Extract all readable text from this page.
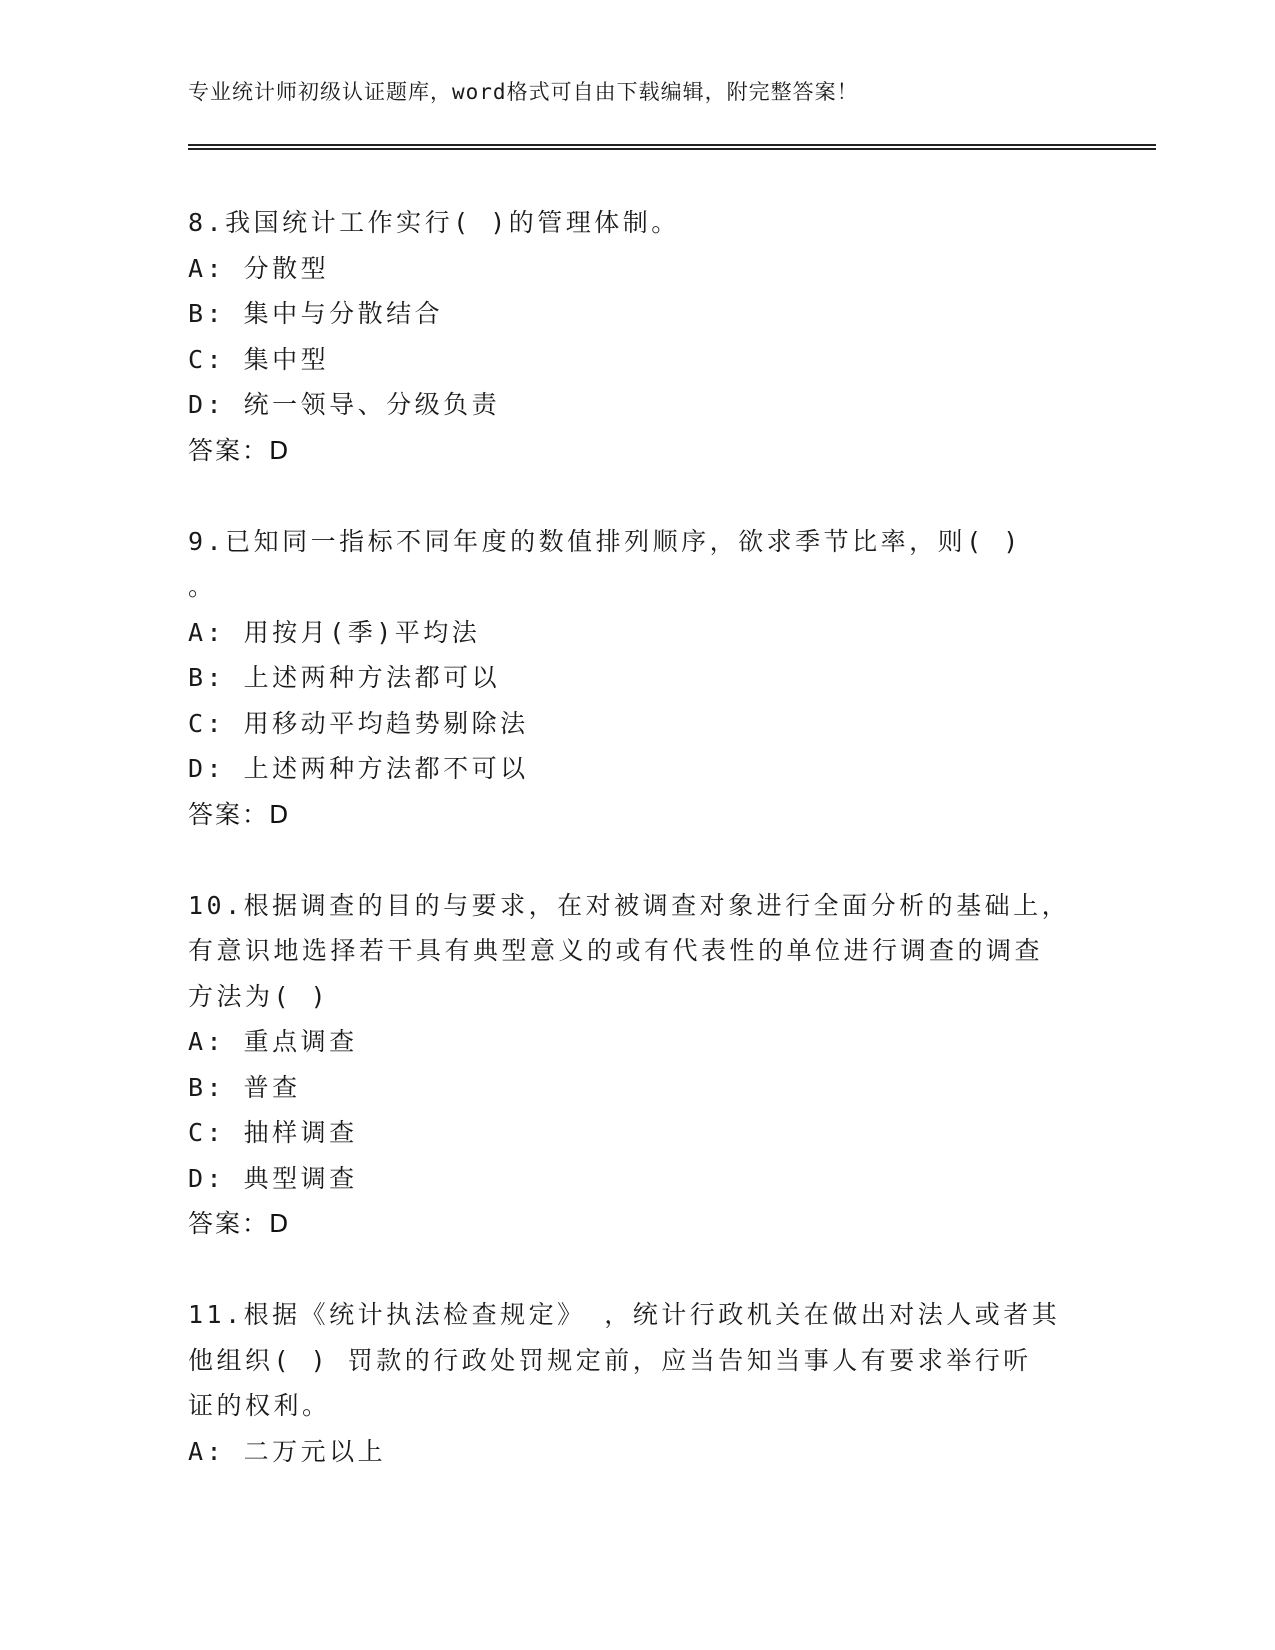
专业统计师初级认证题库，word格式可自由下载编辑，附完整答案！
8.我国统计工作实行( )的管理体制。
A: 分散型
B: 集中与分散结合
C: 集中型
D: 统一领导、分级负责
答案：D
9.已知同一指标不同年度的数值排列顺序，欲求季节比率，则( )
。
A: 用按月(季)平均法
B: 上述两种方法都可以
C: 用移动平均趋势剔除法
D: 上述两种方法都不可以
答案：D
10.根据调查的目的与要求，在对被调查对象进行全面分析的基础上，
有意识地选择若干具有典型意义的或有代表性的单位进行调查的调查
方法为( )
A: 重点调查
B: 普查
C: 抽样调查
D: 典型调查
答案：D
11.根据《统计执法检查规定》 ，统计行政机关在做出对法人或者其
他组织( ) 罚款的行政处罚规定前，应当告知当事人有要求举行听
证的权利。
A: 二万元以上
